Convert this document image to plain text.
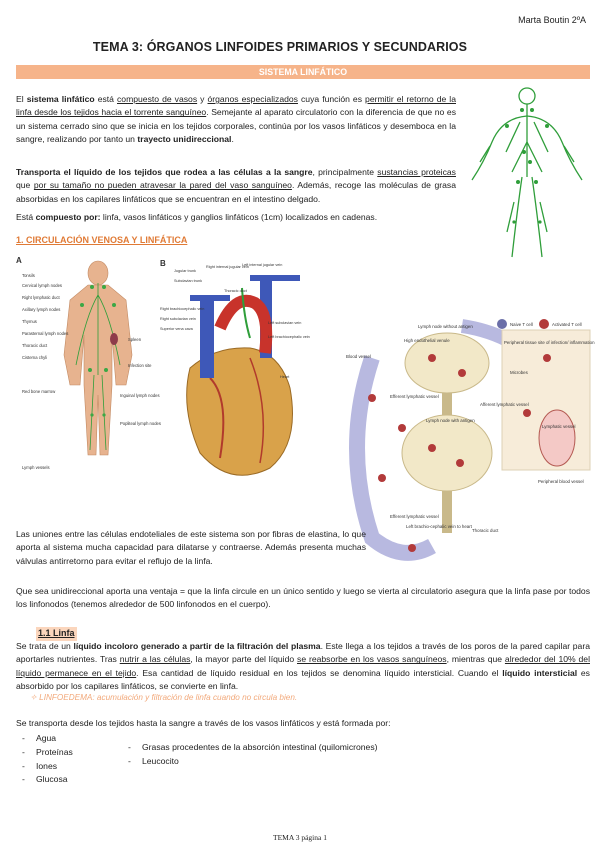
Marta Boutin 2ºA
TEMA 3: ÓRGANOS LINFOIDES PRIMARIOS Y SECUNDARIOS
SISTEMA LINFÁTICO
El sistema linfático está compuesto de vasos y órganos especializados cuya función es permitir el retorno de la linfa desde los tejidos hacia el torrente sanguíneo. Semejante al aparato circulatorio con la diferencia de que no es un sistema cerrado sino que se inicia en los tejidos corporales, continúa por los vasos linfáticos y desemboca en la sangre, realizando por tanto un trayecto unidireccional.
Transporta el líquido de los tejidos que rodea a las células a la sangre, principalmente sustancias proteicas que por su tamaño no pueden atravesar la pared del vaso sanguíneo. Además, recoge las moléculas de grasa absorbidas en los capilares linfáticos que se encuentran en el intestino delgado.
Está compuesto por: linfa, vasos linfáticos y ganglios linfáticos (1cm) localizados en cadenas.
1. CIRCULACIÓN VENOSA Y LINFÁTICA
A
Tonsils
Cervical lymph nodes
Right lymphatic duct
Axillary lymph nodes
Thymus
Parasternal lymph nodes
Thoracic duct
Cisterna chyli
Red bone marrow
Spleen
Inguinal lymph nodes
Popliteal lymph nodes
Lymph vessels
Infection site
B
Jugular trunk
Subclavian trunk
Right internal jugular vein
Left internal jugular vein
Thoracic duct
Left subclavian vein
Right brachiocephalic vein
Right subclavian vein
Superior vena cava
Left brachiocephalic vein
Heart
Lymph node without antigen
High endothelial venule
Naive T cell	Activated T cell
Blood vessel
Efferent lymphatic vessel
Afferent lymphatic vessel
Peripheral tissue site of infection/ inflammation
Microbes
Lymph node with antigen
Lymphatic vessel
Peripheral blood vessel
Efferent lymphatic vessel
Left brachio-cephalic vein to heart
Thoracic duct
Las uniones entre las células endoteliales de este sistema son por fibras de elastina, lo que aporta al sistema mucha capacidad para dilatarse y contraerse. Además presenta muchas válvulas antirretorno para evitar el reflujo de la linfa.
Que sea unidireccional aporta una ventaja = que la linfa circule en un único sentido y luego se vierta al circulatorio asegura que la linfa pase por todos los linfonodos (tenemos alrededor de 500 linfonodos en el cuerpo).
1.1 Linfa
Se trata de un líquido incoloro generado a partir de la filtración del plasma. Este llega a los tejidos a través de los poros de la pared capilar para aportarles nutrientes. Tras nutrir a las células, la mayor parte del líquido se reabsorbe en los vasos sanguíneos, mientras que alrededor del 10% del líquido permanece en el tejido. Esa cantidad de líquido residual en los tejidos se denomina líquido intersticial. Cuando el líquido intersticial es absorbido por los capilares linfáticos, se convierte en linfa.
✧ LINFOEDEMA: acumulación y filtración de linfa cuando no circula bien.
Se transporta desde los tejidos hasta la sangre a través de los vasos linfáticos y está formada por:
- Agua
- Proteínas
- Iones
- Glucosa
- Grasas procedentes de la absorción intestinal (quilomicrones)
- Leucocito
TEMA 3 página 1
